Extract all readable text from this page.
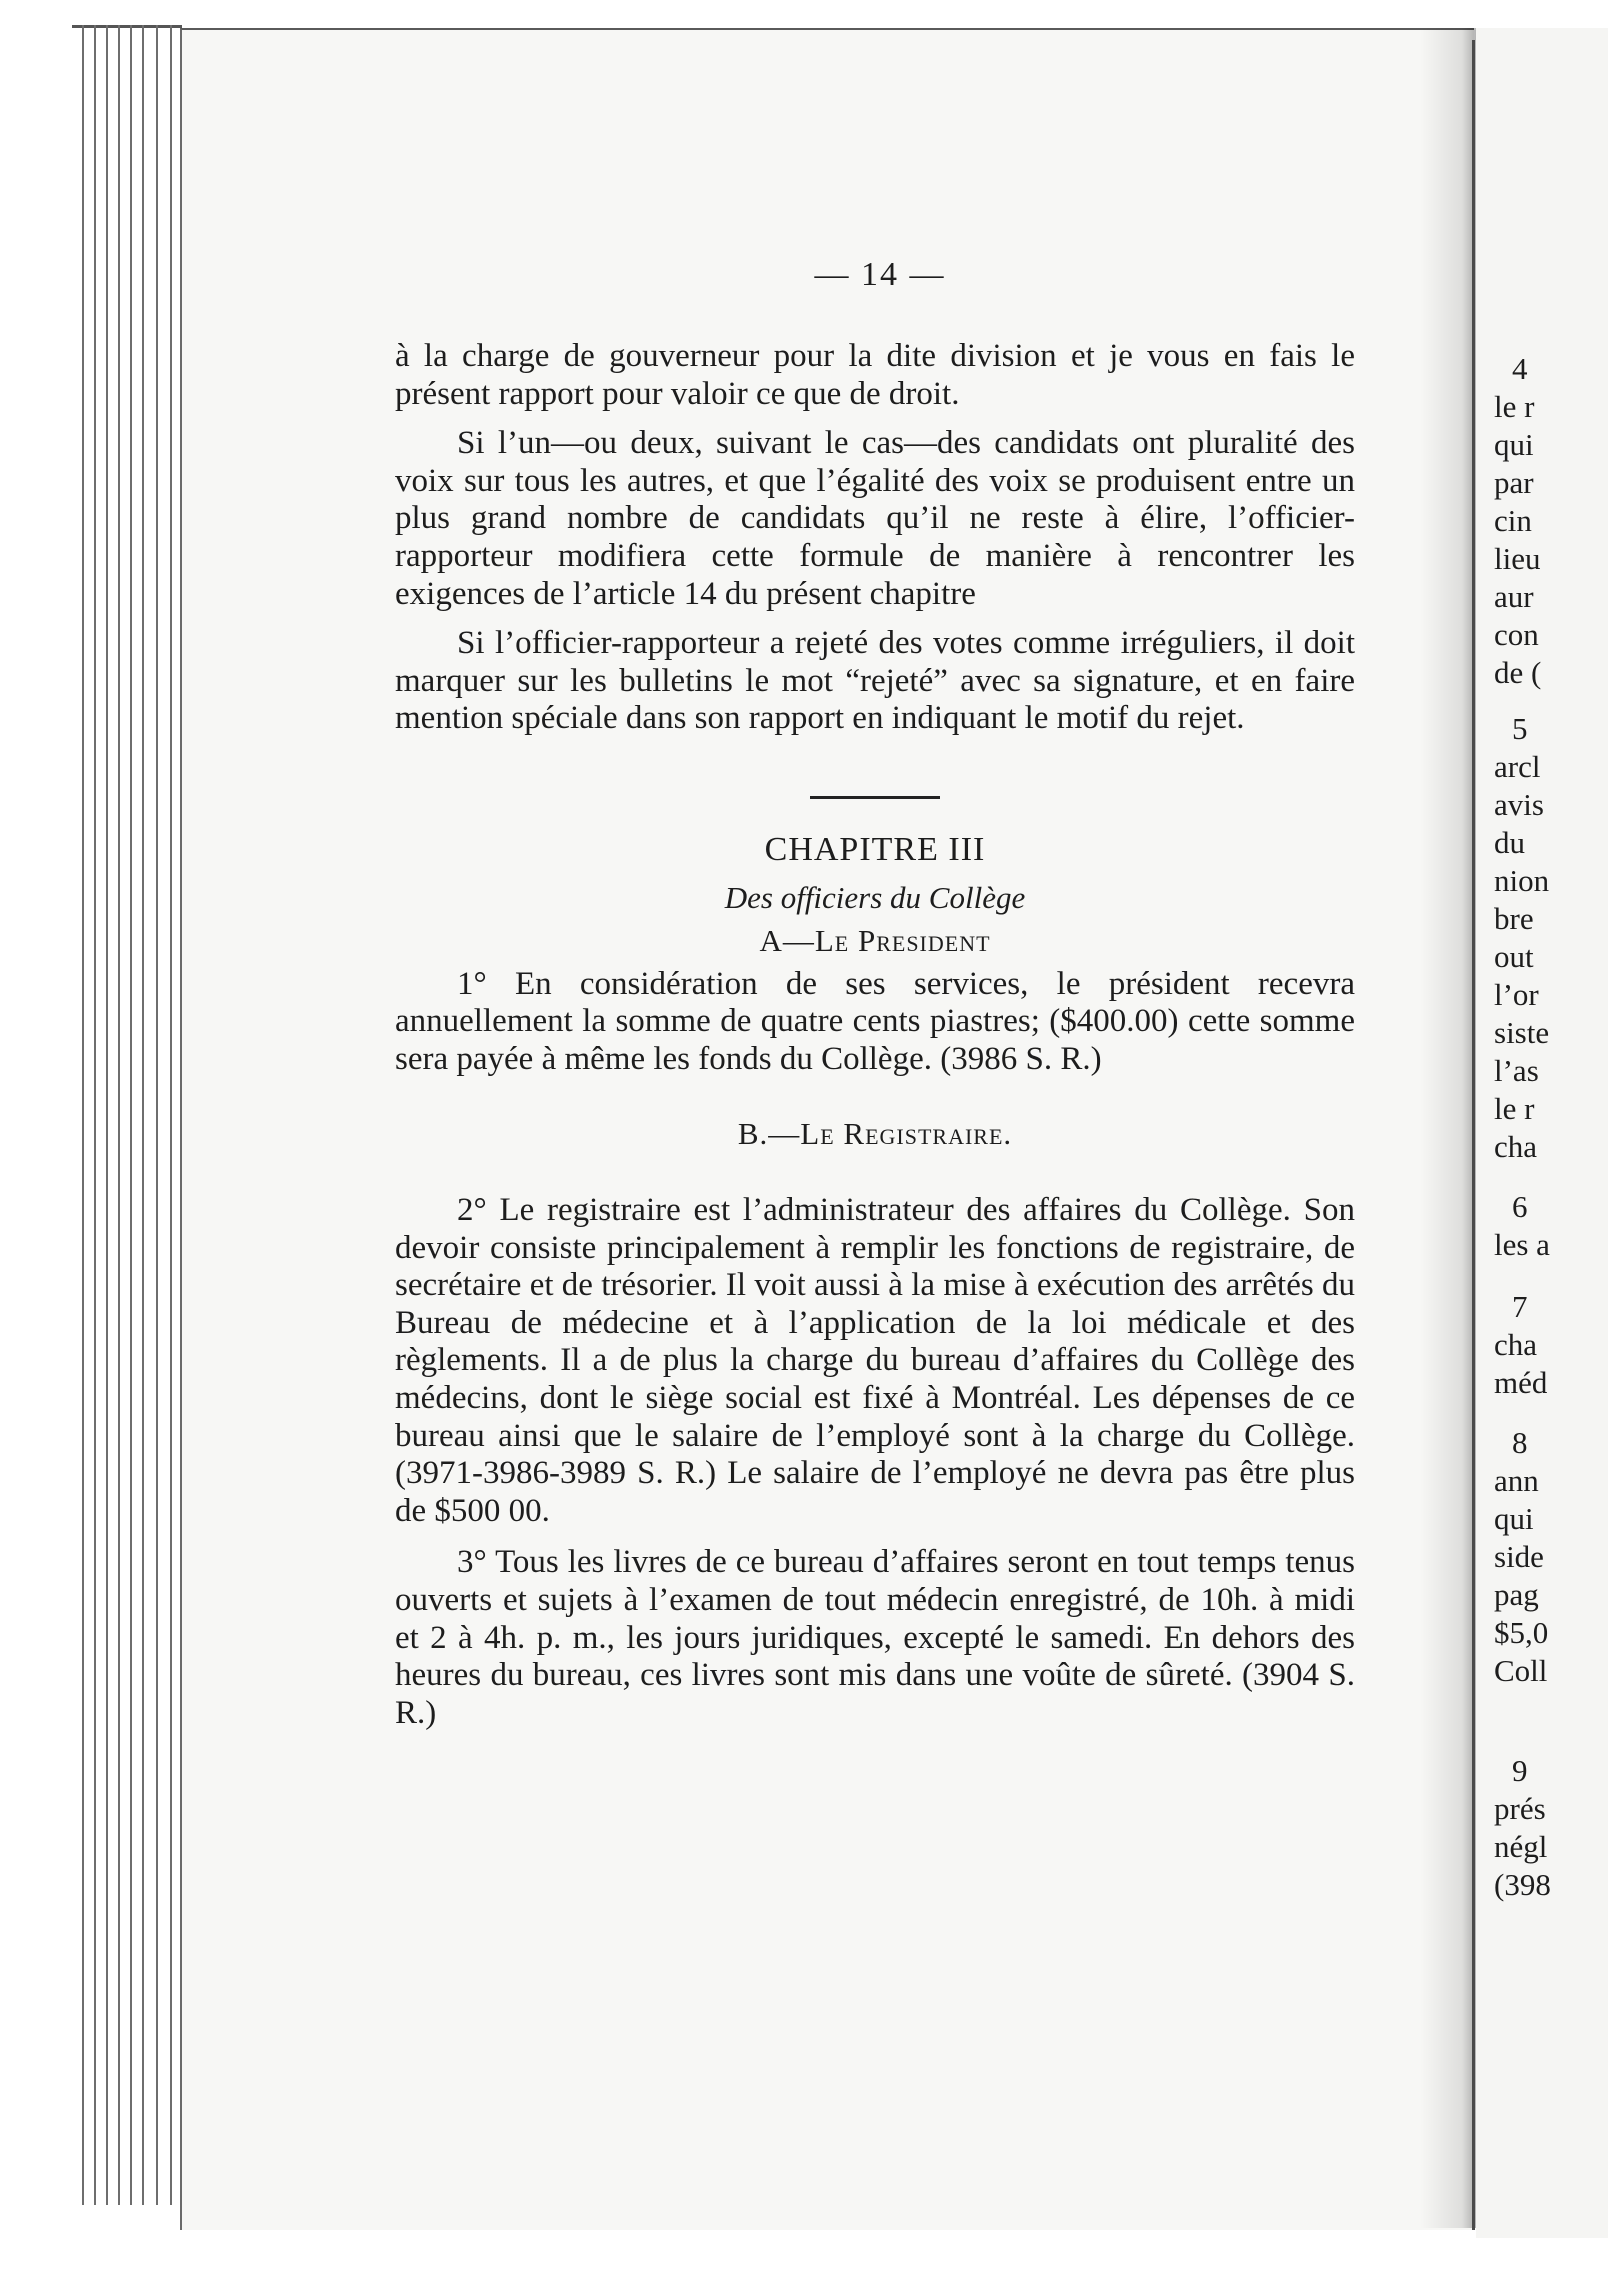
— 14 —

à la charge de gouverneur pour la dite division et je vous en fais le présent rapport pour valoir ce que de droit.

Si l’un—ou deux, suivant le cas—des candidats ont pluralité des voix sur tous les autres, et que l’égalité des voix se produisent entre un plus grand nombre de candidats qu’il ne reste à élire, l’officier-rapporteur modifiera cette formule de manière à rencontrer les exigences de l’article 14 du présent chapitre

Si l’officier-rapporteur a rejeté des votes comme irréguliers, il doit marquer sur les bulletins le mot “rejeté” avec sa signature, et en faire mention spéciale dans son rapport en indiquant le motif du rejet.

CHAPITRE III
Des officiers du Collège
A—Le President

1° En considération de ses services, le président recevra annuellement la somme de quatre cents piastres; ($400.00) cette somme sera payée à même les fonds du Collège. (3986 S. R.)

B.—Le Registraire.

2° Le registraire est l’administrateur des affaires du Collège. Son devoir consiste principalement à remplir les fonctions de registraire, de secrétaire et de trésorier. Il voit aussi à la mise à exécution des arrêtés du Bureau de médecine et à l’application de la loi médicale et des règlements. Il a de plus la charge du bureau d’affaires du Collège des médecins, dont le siège social est fixé à Montréal. Les dépenses de ce bureau ainsi que le salaire de l’employé sont à la charge du Collège. (3971-3986-3989 S. R.) Le salaire de l’employé ne devra pas être plus de $500 00.

3° Tous les livres de ce bureau d’affaires seront en tout temps tenus ouverts et sujets à l’examen de tout médecin enregistré, de 10h. à midi et 2 à 4h. p. m., les jours juridiques, excepté le samedi. En dehors des heures du bureau, ces livres sont mis dans une voûte de sûreté. (3904 S. R.)

4
le r
qui
par
cin
lieu
aur
con
de (
5
arcl
avis
du
nion
bre
out
l’or
siste
l’as
le r
cha
6
les a
7
cha
méd
8
ann
qui
side
pag
$5,0
Coll
9
prés
négl
(398
